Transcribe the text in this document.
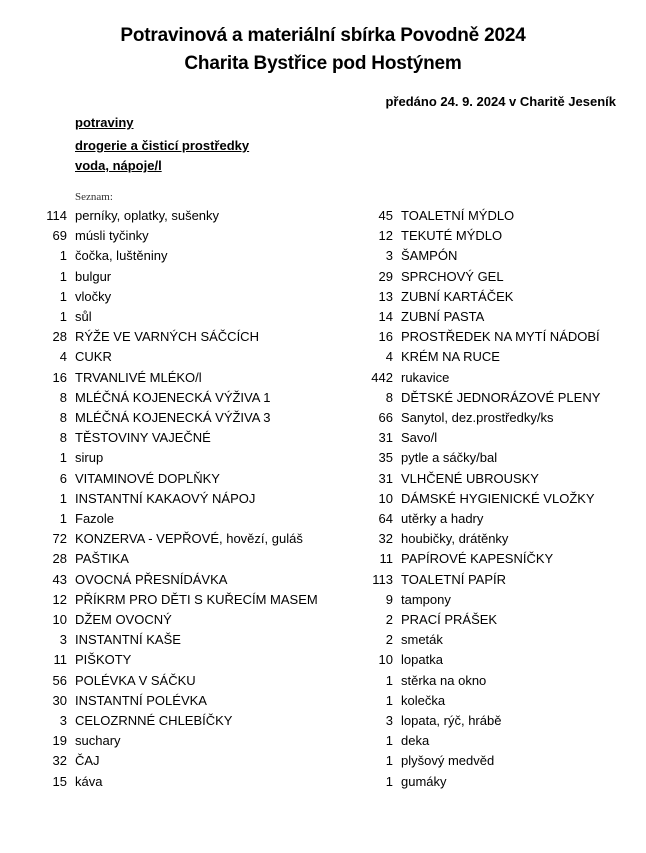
Potravinová a materiální sbírka Povodně 2024
Charita Bystřice pod Hostýnem
předáno 24. 9. 2024 v Charitě Jeseník
potraviny
drogerie a čisticí prostředky
voda, nápoje/l
Seznam:
114 perníky, oplatky, sušenky
69 músli tyčinky
1 čočka, luštěniny
1 bulgur
1 vločky
1 sůl
28 RÝŽE VE VARNÝCH SÁČCÍCH
4 CUKR
16 TRVANLIVÉ MLÉKO/l
8 MLÉČNÁ KOJENECKÁ VÝŽIVA 1
8 MLÉČNÁ KOJENECKÁ VÝŽIVA 3
8 TĚSTOVINY VAJEČNÉ
1 sirup
6 VITAMINOVÉ DOPLŇKY
1 INSTANTNÍ KAKAOVÝ NÁPOJ
1 Fazole
72 KONZERVA - VEPŘOVÉ, hovězí, guláš
28 PAŠTIKA
43 OVOCNÁ PŘESNÍDÁVKA
12 PŘÍKRM PRO DĚTI S KUŘECÍM MASEM
10 DŽEM OVOCNÝ
3 INSTANTNÍ KAŠE
11 PIŠKOTY
56 POLÉVKA V SÁČKU
30 INSTANTNÍ POLÉVKA
3 CELOZRNNÉ CHLEBÍČKY
19 suchary
32 ČAJ
15 káva
45 TOALETNÍ MÝDLO
12 TEKUTÉ MÝDLO
3 ŠAMPÓN
29 SPRCHOVÝ GEL
13 ZUBNÍ KARTÁČEK
14 ZUBNÍ PASTA
16 PROSTŘEDEK NA MYTÍ NÁDOBÍ
4 KRÉM NA RUCE
442 rukavice
8 DĚTSKÉ JEDNORÁZOVÉ PLENY
66 Sanytol, dez.prostředky/ks
31 Savo/l
35 pytle a sáčky/bal
31 VLHČENÉ UBROUSKY
10 DÁMSKÉ HYGIENICKÉ VLOŽKY
64 utěrky a hadry
32 houbičky, drátěnky
11 PAPÍROVÉ KAPESNÍČKY
113 TOALETNÍ PAPÍR
9 tampony
2 PRACÍ PRÁŠEK
2 smeták
10 lopatka
1 stěrka na okno
1 kolečka
3 lopata, rýč, hrábě
1 deka
1 plyšový medvěd
1 gumáky
